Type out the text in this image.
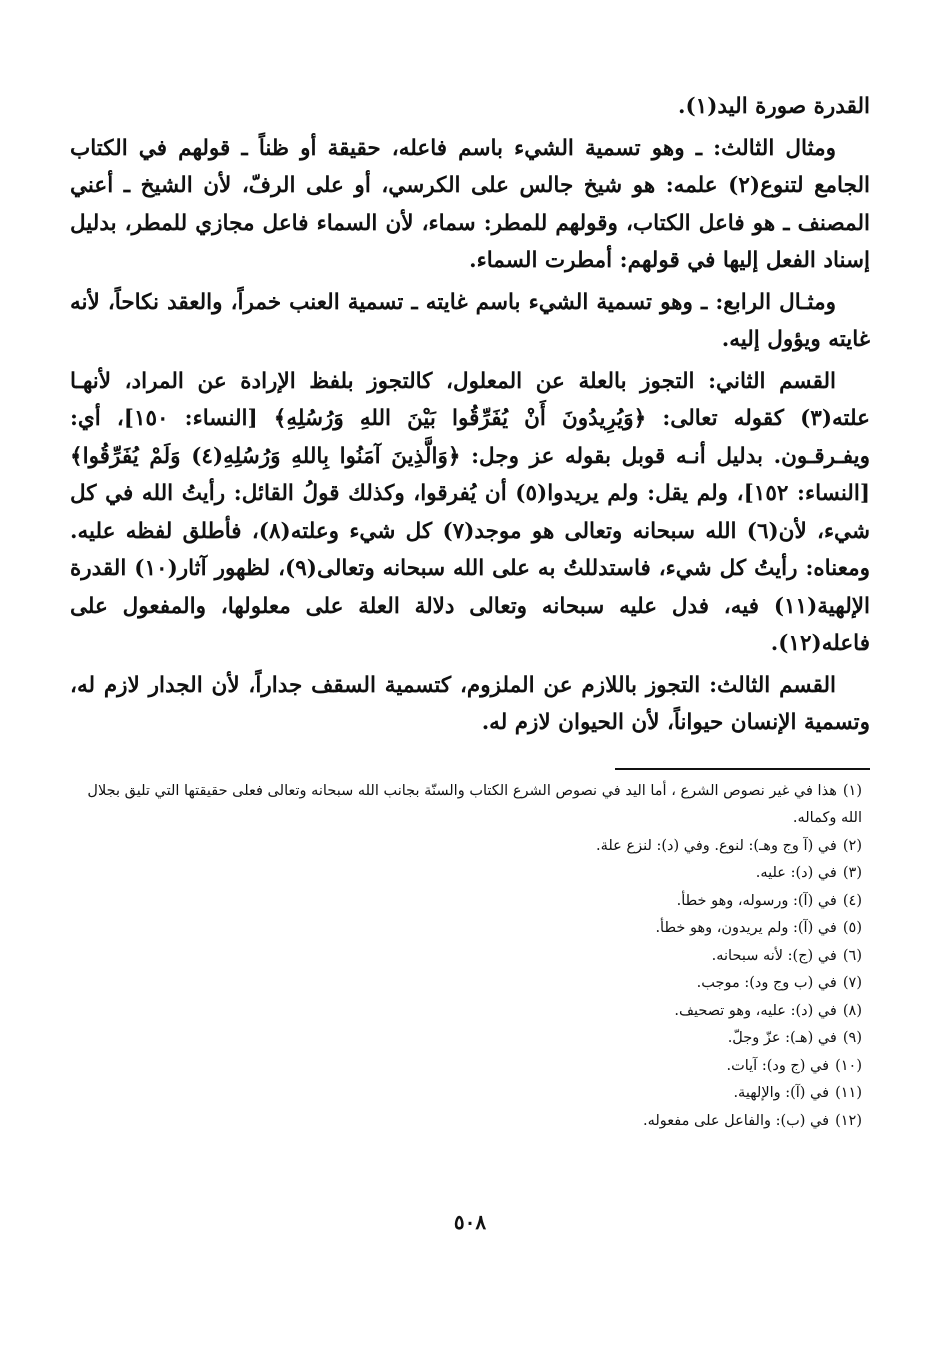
القدرة صورة اليد(١).

ومثال الثالث: ـ وهو تسمية الشيء باسم فاعله، حقيقة أو ظناً ـ قولهم في الكتاب الجامع لتنوع(٢) علمه: هو شيخ جالس على الكرسي، أو على الرفّ، لأن الشيخ ـ أعني المصنف ـ هو فاعل الكتاب، وقولهم للمطر: سماء، لأن السماء فاعل مجازي للمطر، بدليل إسناد الفعل إليها في قولهم: أمطرت السماء.

ومثـال الرابع: ـ وهو تسمية الشيء باسم غايته ـ تسمية العنب خمراً، والعقد نكاحاً، لأنه غايته ويؤول إليه.

القسم الثاني: التجوز بالعلة عن المعلول، كالتجوز بلفظ الإرادة عن المراد، لأنهـا علته(٣) كقوله تعالى: ﴿وَيُرِيدُونَ أَنْ يُفَرِّقُوا بَيْنَ اللهِ وَرُسُلِهِ﴾ [النساء: ١٥٠]، أي: ويفـرقـون. بدليل أنـه قوبل بقوله عز وجل: ﴿وَالَّذِينَ آمَنُوا بِاللهِ وَرُسُلِهِ(٤) وَلَمْ يُفَرِّقُوا﴾ [النساء: ١٥٢]، ولم يقل: ولم يريدوا(٥) أن يُفرقوا، وكذلك قولُ القائل: رأيتُ الله في كل شيء، لأن(٦) الله سبحانه وتعالى هو موجد(٧) كل شيء وعلته(٨)، فأطلق لفظه عليه. ومعناه: رأيتُ كل شيء، فاستدللتُ به على الله سبحانه وتعالى(٩)، لظهور آثار(١٠) القدرة الإلهية(١١) فيه، فدل عليه سبحانه وتعالى دلالة العلة على معلولها، والمفعول على فاعله(١٢).

القسم الثالث: التجوز باللازم عن الملزوم، كتسمية السقف جداراً، لأن الجدار لازم له، وتسمية الإنسان حيواناً، لأن الحيوان لازم له.

(١)هذا في غير نصوص الشرع ، أما اليد في نصوص الشرع الكتاب والسنّة بجانب الله سبحانه وتعالى فعلى حقيقتها التي تليق بجلال الله وكماله.
(٢)في (آ وج وهـ): لنوع. وفي (د): لنزع علة.
(٣)في (د): عليه.
(٤)في (آ): ورسوله، وهو خطأ.
(٥)في (آ): ولم يريدون، وهو خطأ.
(٦)في (ج): لأنه سبحانه.
(٧)في (ب وج ود): موجب.
(٨)في (د): عليه، وهو تصحيف.
(٩)في (هـ): عزّ وجلّ.
(١٠)في (ج ود): آيات.
(١١)في (آ): والإلهية.
(١٢)في (ب): والفاعل على مفعوله.
٥٠٨
